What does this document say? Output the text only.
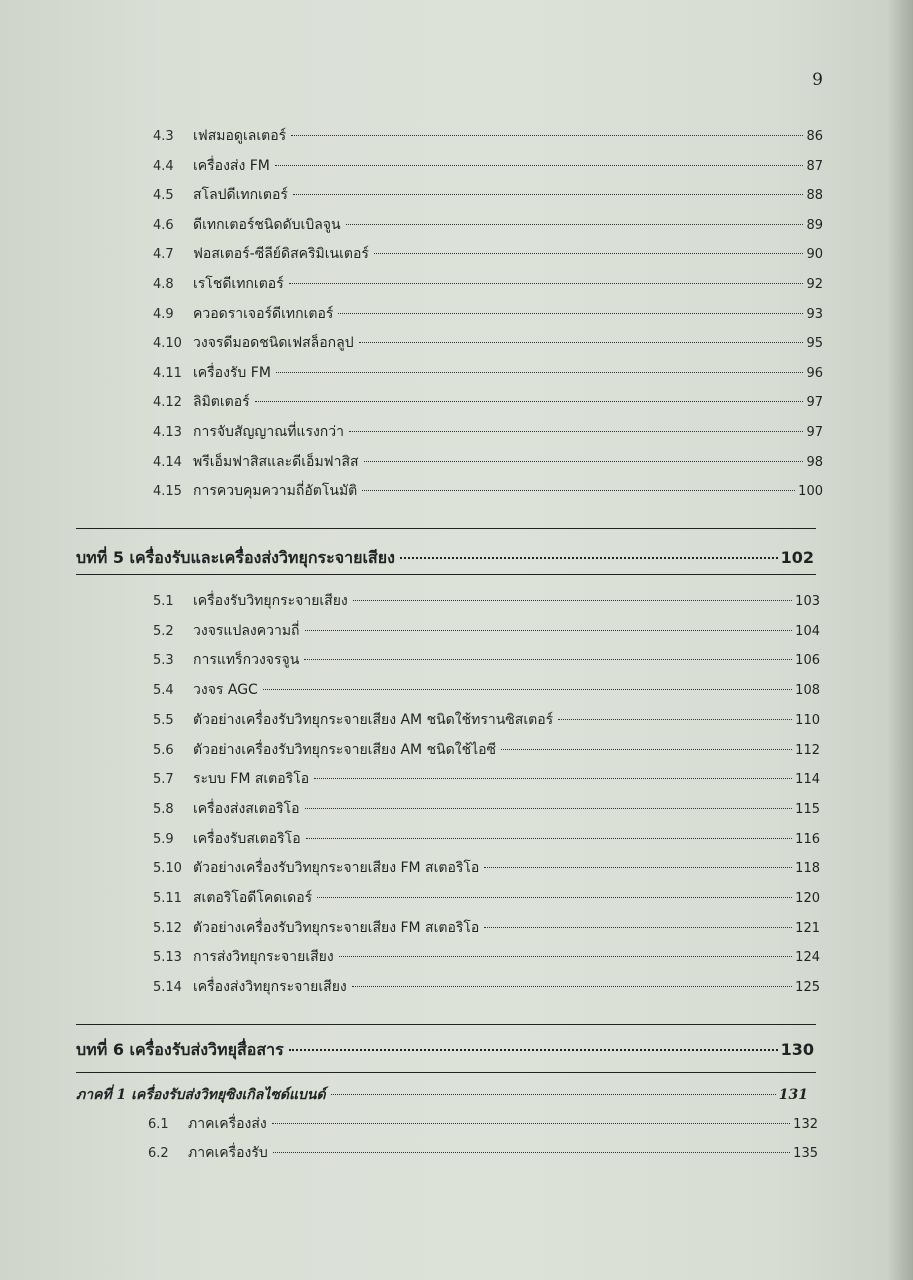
9
4.3	เฟสมอดูเลเตอร์	86
4.4	เครื่องส่ง FM	87
4.5	สโลปดีเทกเตอร์	88
4.6	ดีเทกเตอร์ชนิดดับเบิลจูน	89
4.7	ฟอสเตอร์-ซีลีย์ดิสคริมิเนเตอร์	90
4.8	เรโชดีเทกเตอร์	92
4.9	ควอดราเจอร์ดีเทกเตอร์	93
4.10 วงจรดีมอดชนิดเฟสล็อกลูป	95
4.11 เครื่องรับ FM	96
4.12 ลิมิตเตอร์	97
4.13 การจับสัญญาณที่แรงกว่า	97
4.14 พรีเอ็มฟาสิสและดีเอ็มฟาสิส	98
4.15 การควบคุมความถี่อัตโนมัติ	100
บทที่ 5 เครื่องรับและเครื่องส่งวิทยุกระจายเสียง	102
5.1	เครื่องรับวิทยุกระจายเสียง	103
5.2	วงจรแปลงความถี่	104
5.3	การแทร็กวงจรจูน	106
5.4	วงจร AGC	108
5.5	ตัวอย่างเครื่องรับวิทยุกระจายเสียง AM ชนิดใช้ทรานซิสเตอร์	110
5.6	ตัวอย่างเครื่องรับวิทยุกระจายเสียง AM ชนิดใช้ไอซี	112
5.7	ระบบ FM สเตอริโอ	114
5.8	เครื่องส่งสเตอริโอ	115
5.9	เครื่องรับสเตอริโอ	116
5.10 ตัวอย่างเครื่องรับวิทยุกระจายเสียง FM สเตอริโอ	118
5.11 สเตอริโอดีโคดเดอร์	120
5.12 ตัวอย่างเครื่องรับวิทยุกระจายเสียง FM สเตอริโอ	121
5.13 การส่งวิทยุกระจายเสียง	124
5.14 เครื่องส่งวิทยุกระจายเสียง	125
บทที่ 6 เครื่องรับส่งวิทยุสื่อสาร	130
ภาคที่ 1 เครื่องรับส่งวิทยุซิงเกิลไซด์แบนด์	131
6.1	ภาคเครื่องส่ง	132
6.2	ภาคเครื่องรับ	135
